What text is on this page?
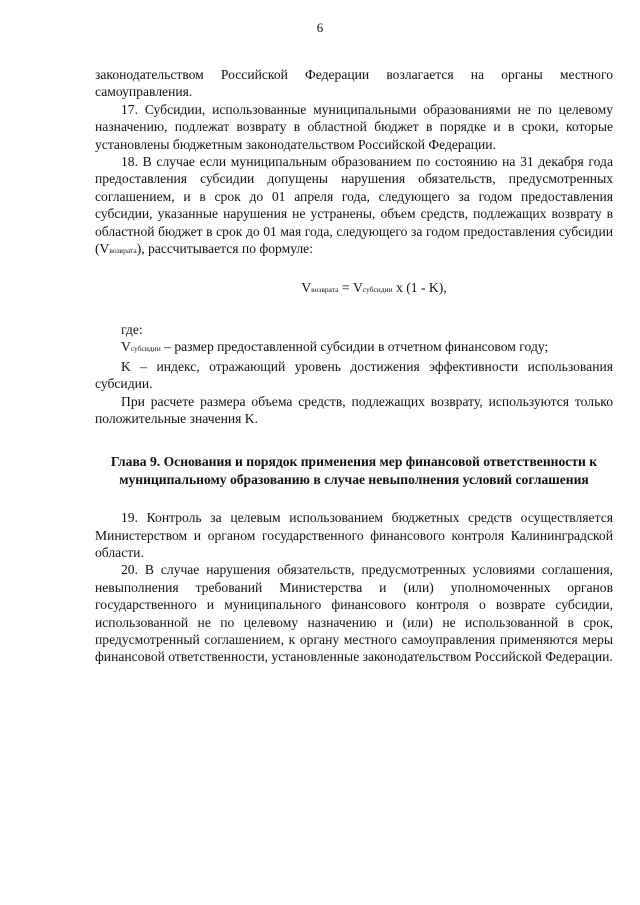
6

законодательством Российской Федерации возлагается на органы местного самоуправления.

17. Субсидии, использованные муниципальными образованиями не по целевому назначению, подлежат возврату в областной бюджет в порядке и в сроки, которые установлены бюджетным законодательством Российской Федерации.

18. В случае если муниципальным образованием по состоянию на 31 декабря года предоставления субсидии допущены нарушения обязательств, предусмотренных соглашением, и в срок до 01 апреля года, следующего за годом предоставления субсидии, указанные нарушения не устранены, объем средств, подлежащих возврату в областной бюджет в срок до 01 мая года, следующего за годом предоставления субсидии (Vвозврата), рассчитывается по формуле:

Vвозврата = Vсубсидии x (1 - K),

где:

Vсубсидии – размер предоставленной субсидии в отчетном финансовом году;

K – индекс, отражающий уровень достижения эффективности использования субсидии.

При расчете размера объема средств, подлежащих возврату, используются только положительные значения K.

Глава 9. Основания и порядок применения мер финансовой ответственности к муниципальному образованию в случае невыполнения условий соглашения

19. Контроль за целевым использованием бюджетных средств осуществляется Министерством и органом государственного финансового контроля Калининградской области.

20. В случае нарушения обязательств, предусмотренных условиями соглашения, невыполнения требований Министерства и (или) уполномоченных органов государственного и муниципального финансового контроля о возврате субсидии, использованной не по целевому назначению и (или) не использованной в срок, предусмотренный соглашением, к органу местного самоуправления применяются меры финансовой ответственности, установленные законодательством Российской Федерации.
